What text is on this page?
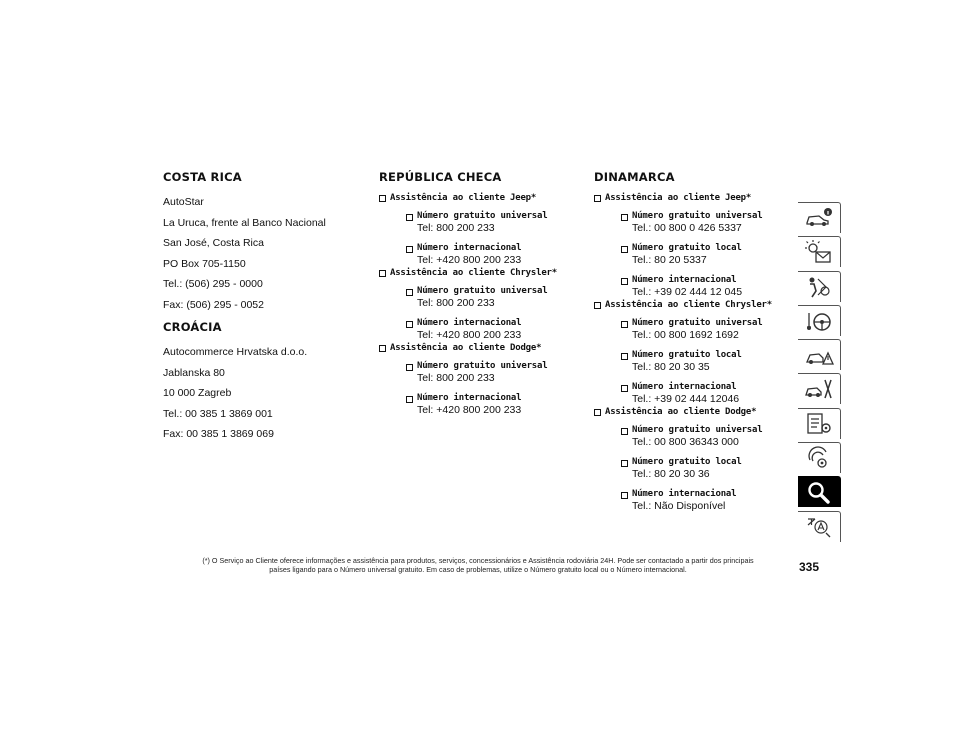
COSTA RICA
AutoStar
La Uruca, frente al Banco Nacional
San José, Costa Rica
PO Box 705-1150
Tel.: (506) 295 - 0000
Fax: (506) 295 - 0052
CROÁCIA
Autocommerce Hrvatska d.o.o.
Jablanska 80
10 000 Zagreb
Tel.: 00 385 1 3869 001
Fax: 00 385 1 3869 069
REPÚBLICA CHECA
Assistência ao cliente Jeep*
Número gratuito universal
Tel: 800 200 233
Número internacional
Tel: +420 800 200 233
Assistência ao cliente Chrysler*
Número gratuito universal
Tel: 800 200 233
Número internacional
Tel: +420 800 200 233
Assistência ao cliente Dodge*
Número gratuito universal
Tel: 800 200 233
Número internacional
Tel: +420 800 200 233
DINAMARCA
Assistência ao cliente Jeep*
Número gratuito universal
Tel.: 00 800 0 426 5337
Número gratuito local
Tel.: 80 20 5337
Número internacional
Tel.: +39 02 444 12 045
Assistência ao cliente Chrysler*
Número gratuito universal
Tel.: 00 800 1692 1692
Número gratuito local
Tel.: 80 20 30 35
Número internacional
Tel.: +39 02 444 12046
Assistência ao cliente Dodge*
Número gratuito universal
Tel.: 00 800 36343 000
Número gratuito local
Tel.: 80 20 30 36
Número internacional
Tel.: Não Disponível
(*) O Serviço ao Cliente oferece informações e assistência para produtos, serviços, concessionários e Assistência rodoviária 24H. Pode ser contactado a partir dos principais
países ligando para o Número universal gratuito. Em caso de problemas, utilize o Número gratuito local ou o Número internacional.	335
